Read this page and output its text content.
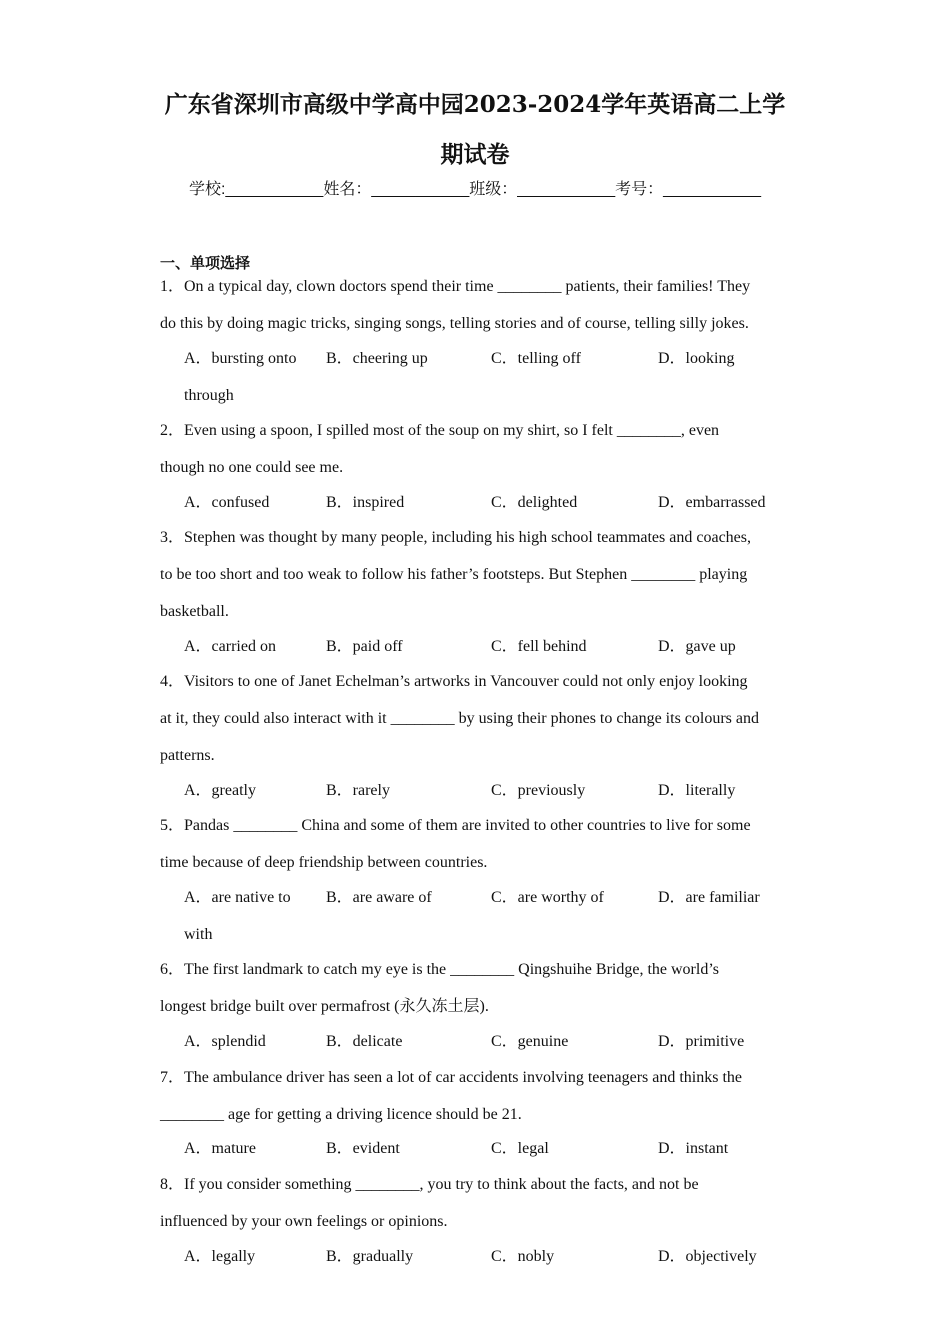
广东省深圳市高级中学高中园2023-2024学年英语高二上学
期试卷
学校:___________姓名：___________班级：___________考号：___________
一、单项选择
1．On a typical day, clown doctors spend their time ________ patients, their families! They
do this by doing magic tricks, singing songs, telling stories and of course, telling silly jokes.
A．bursting onto B．cheering up	C．telling off	D．looking
through
2．Even using a spoon, I spilled most of the soup on my shirt, so I felt ________, even
though no one could see me.
A．confused	B．inspired	C．delighted	D．embarrassed
3．Stephen was thought by many people, including his high school teammates and coaches,
to be too short and too weak to follow his father’s footsteps. But Stephen ________ playing
basketball.
A．carried on	B．paid off	C．fell behind	D．gave up
4．Visitors to one of Janet Echelman’s artworks in Vancouver could not only enjoy looking
at it, they could also interact with it ________ by using their phones to change its colours and
patterns.
A．greatly	B．rarely	C．previously	D．literally
5．Pandas ________ China and some of them are invited to other countries to live for some
time because of deep friendship between countries.
A．are native to B．are aware of	C．are worthy of	D．are familiar
with
6．The first landmark to catch my eye is the ________ Qingshuihe Bridge, the world’s
longest bridge built over permafrost (永久冻土层).
A．splendid	B．delicate	C．genuine	D．primitive
7．The ambulance driver has seen a lot of car accidents involving teenagers and thinks the
________ age for getting a driving licence should be 21.
A．mature	B．evident	C．legal	D．instant
8．If you consider something ________, you try to think about the facts, and not be
influenced by your own feelings or opinions.
A．legally	B．gradually	C．nobly	D．objectively
